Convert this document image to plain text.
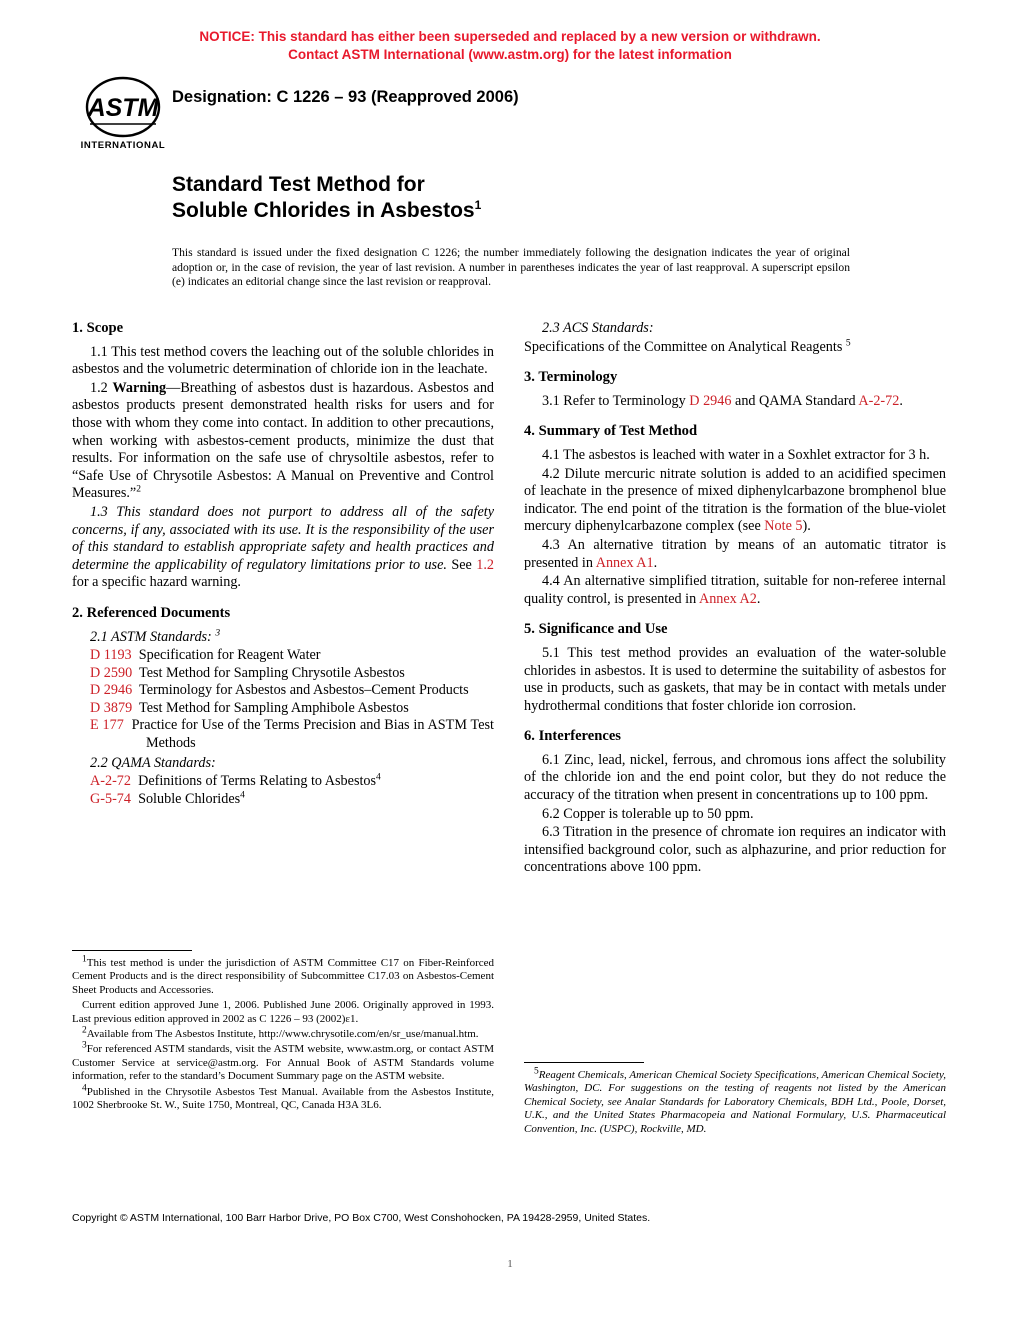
NOTICE: This standard has either been superseded and replaced by a new version or withdrawn.
Contact ASTM International (www.astm.org) for the latest information
ASTM
INTERNATIONAL
Designation: C 1226 – 93 (Reapproved 2006)
Standard Test Method for
Soluble Chlorides in Asbestos$^1$
This standard is issued under the fixed designation C 1226; the number immediately following the designation indicates the year of original adoption or, in the case of revision, the year of last revision. A number in parentheses indicates the year of last reapproval. A superscript epsilon (e) indicates an editorial change since the last revision or reapproval.
1. Scope

1.1 This test method covers the leaching out of the soluble chlorides in asbestos and the volumetric determination of chloride ion in the leachate.

1.2 Warning—Breathing of asbestos dust is hazardous. Asbestos and asbestos products present demonstrated health risks for users and for those with whom they come into contact. In addition to other precautions, when working with asbestos-cement products, minimize the dust that results. For information on the safe use of chrysoltile asbestos, refer to “Safe Use of Chrysotile Asbestos: A Manual on Preventive and Control Measures.”$^2$

1.3 This standard does not purport to address all of the safety concerns, if any, associated with its use. It is the responsibility of the user of this standard to establish appropriate safety and health practices and determine the applicability of regulatory limitations prior to use. See 1.2 for a specific hazard warning.

2. Referenced Documents

2.1 ASTM Standards: $^3$

D 1193 Specification for Reagent Water
D 2590 Test Method for Sampling Chrysotile Asbestos
D 2946 Terminology for Asbestos and Asbestos–Cement Products
D 3879 Test Method for Sampling Amphibole Asbestos
E 177 Practice for Use of the Terms Precision and Bias in ASTM Test Methods

2.2 QAMA Standards:

A-2-72 Definitions of Terms Relating to Asbestos$^4$
G-5-74 Soluble Chlorides$^4$

2.3 ACS Standards:

Specifications of the Committee on Analytical Reagents $^5$

3. Terminology

3.1 Refer to Terminology D 2946 and QAMA Standard A-2-72.

4. Summary of Test Method

4.1 The asbestos is leached with water in a Soxhlet extractor for 3 h.

4.2 Dilute mercuric nitrate solution is added to an acidified specimen of leachate in the presence of mixed diphenylcarbazone bromphenol blue indicator. The end point of the titration is the formation of the blue-violet mercury diphenylcarbazone complex (see Note 5).

4.3 An alternative titration by means of an automatic titrator is presented in Annex A1.

4.4 An alternative simplified titration, suitable for non-referee internal quality control, is presented in Annex A2.

5. Significance and Use

5.1 This test method provides an evaluation of the water-soluble chlorides in asbestos. It is used to determine the suitability of asbestos for use in products, such as gaskets, that may be in contact with metals under hydrothermal conditions that foster chloride ion corrosion.

6. Interferences

6.1 Zinc, lead, nickel, ferrous, and chromous ions affect the solubility of the chloride ion and the end point color, but they do not reduce the accuracy of the titration when present in concentrations up to 100 ppm.

6.2 Copper is tolerable up to 50 ppm.

6.3 Titration in the presence of chromate ion requires an indicator with intensified background color, such as alphazurine, and prior reduction for concentrations above 100 ppm.

$^1$This test method is under the jurisdiction of ASTM Committee C17 on Fiber-Reinforced Cement Products and is the direct responsibility of Subcommittee C17.03 on Asbestos-Cement Sheet Products and Accessories.

Current edition approved June 1, 2006. Published June 2006. Originally approved in 1993. Last previous edition approved in 2002 as C 1226 – 93 (2002)ε1.

$^2$Available from The Asbestos Institute, http://www.chrysotile.com/en/sr_use/manual.htm.

$^3$For referenced ASTM standards, visit the ASTM website, www.astm.org, or contact ASTM Customer Service at service@astm.org. For Annual Book of ASTM Standards volume information, refer to the standard’s Document Summary page on the ASTM website.

$^4$Published in the Chrysotile Asbestos Test Manual. Available from the Asbestos Institute, 1002 Sherbrooke St. W., Suite 1750, Montreal, QC, Canada H3A 3L6.

$^5$Reagent Chemicals, American Chemical Society Specifications, American Chemical Society, Washington, DC. For suggestions on the testing of reagents not listed by the American Chemical Society, see Analar Standards for Laboratory Chemicals, BDH Ltd., Poole, Dorset, U.K., and the United States Pharmacopeia and National Formulary, U.S. Pharmaceutical Convention, Inc. (USPC), Rockville, MD.

Copyright © ASTM International, 100 Barr Harbor Drive, PO Box C700, West Conshohocken, PA 19428-2959, United States.
1
